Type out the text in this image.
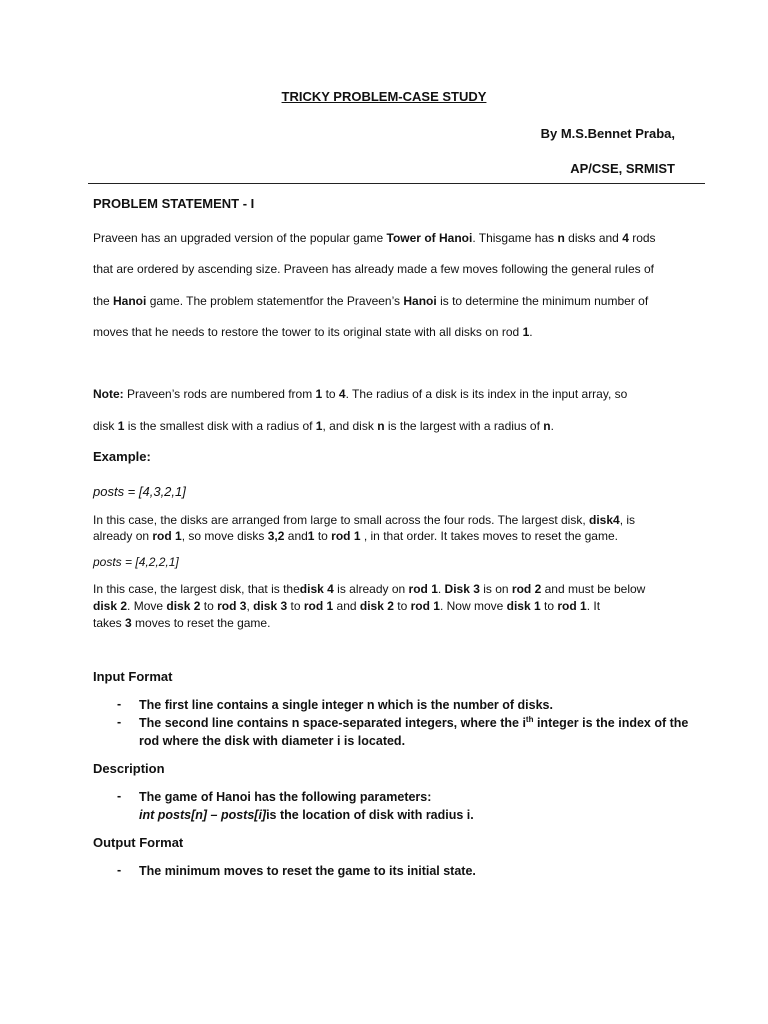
TRICKY PROBLEM-CASE STUDY
By M.S.Bennet Praba,
AP/CSE, SRMIST
PROBLEM STATEMENT - I
Praveen has an upgraded version of the popular game Tower of Hanoi. Thisgame has n disks and 4 rods
that are ordered by ascending size. Praveen has already made a few moves following the general rules of
the Hanoi game. The problem statementfor the Praveen’s Hanoi is to determine the minimum number of
moves that he needs to restore the tower to its original state with all disks on rod 1.
Note: Praveen’s rods are numbered from 1 to 4. The radius of a disk is its index in the input array, so
disk 1 is the smallest disk with a radius of 1, and disk n is the largest with a radius of n.
Example:
posts = [4,3,2,1]
In this case, the disks are arranged from large to small across the four rods. The largest disk, disk4, is
already on rod 1, so move disks 3,2 and1 to rod 1 , in that order. It takes moves to reset the game.
posts = [4,2,2,1]
In this case, the largest disk, that is thedisk 4 is already on rod 1. Disk 3 is on rod 2 and must be below
disk 2. Move disk 2 to rod 3, disk 3 to rod 1 and disk 2 to rod 1. Now move disk 1 to rod 1. It
takes 3 moves to reset the game.
Input Format
- The first line contains a single integer n which is the number of disks.
- The second line contains n space-separated integers, where the $i^{th}$ integer is the index of the
rod where the disk with diameter i is located.
Description
- The game of Hanoi has the following parameters:
int posts[n] – posts[i]is the location of disk with radius i.
Output Format
- The minimum moves to reset the game to its initial state.
